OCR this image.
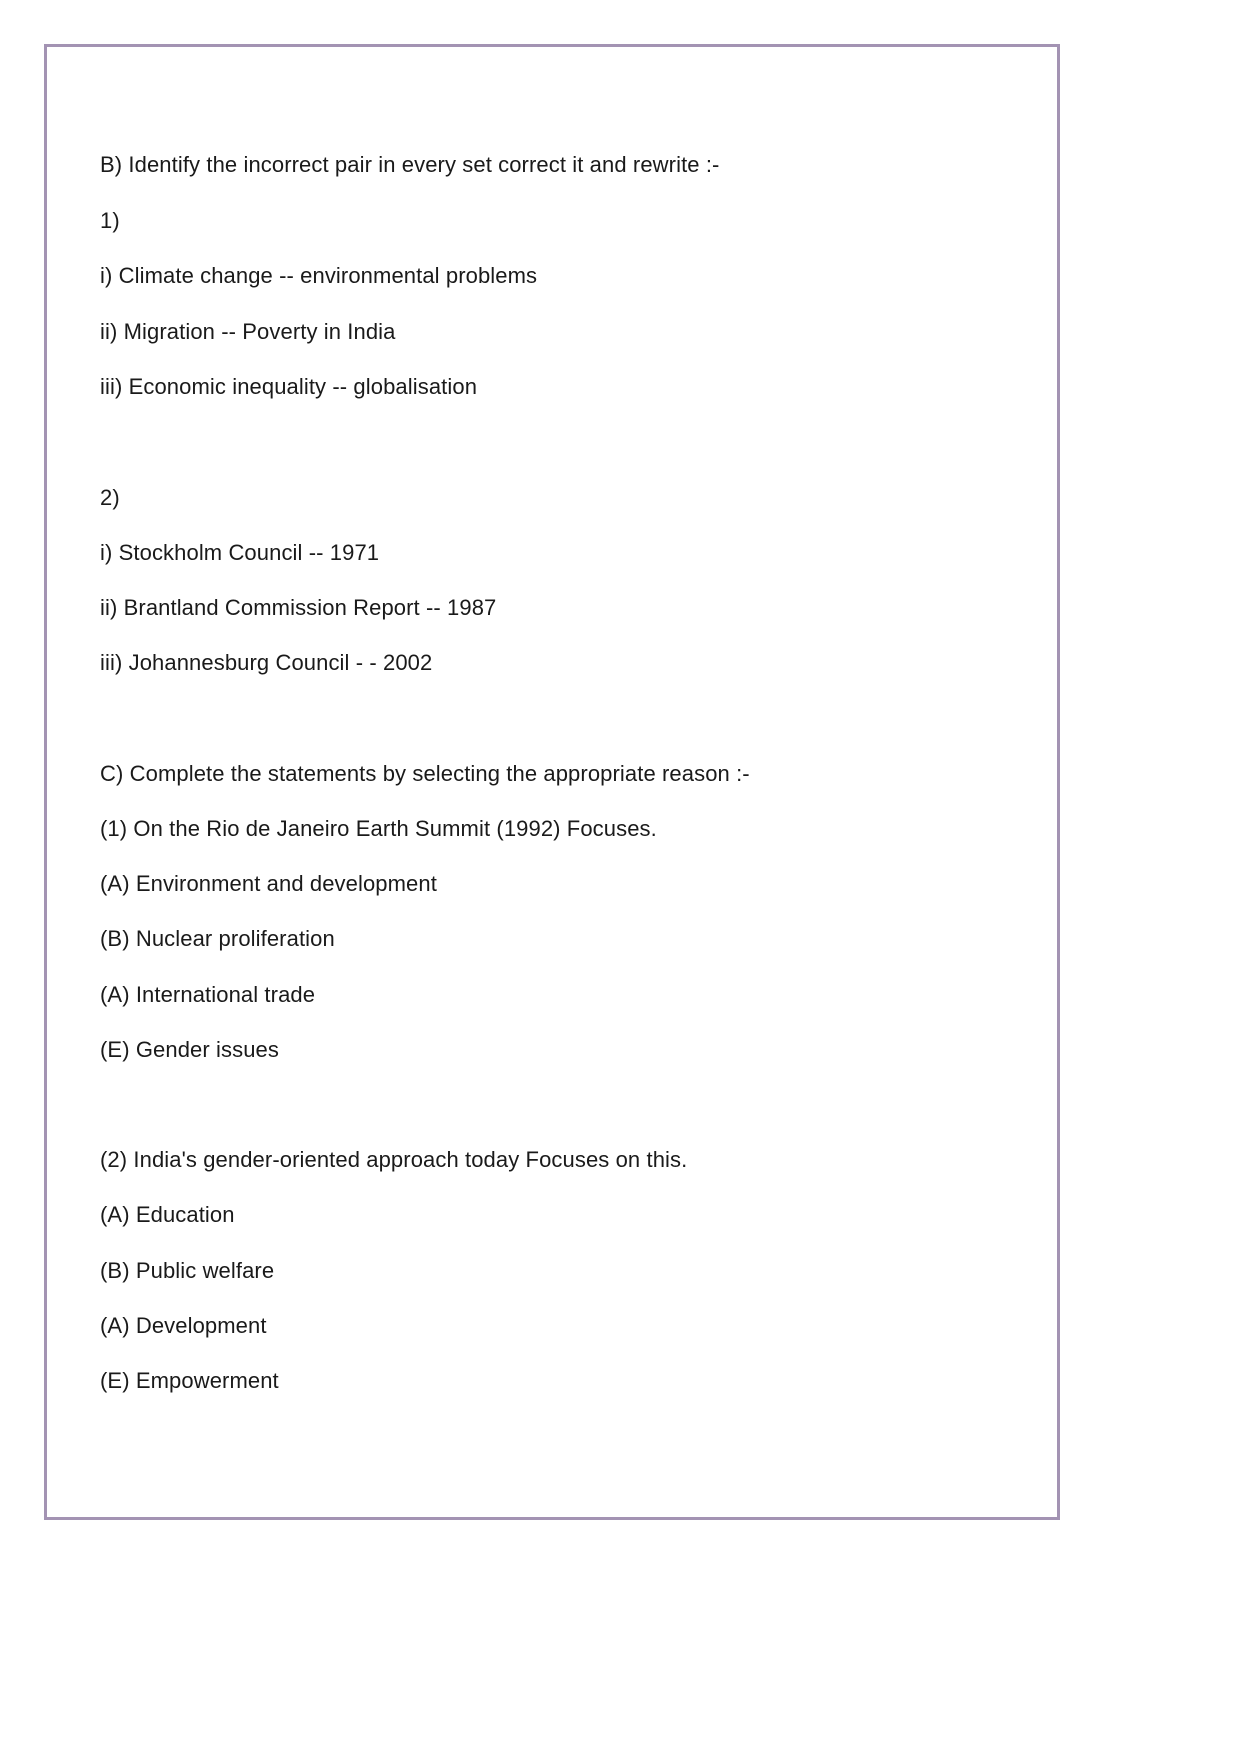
B) Identify the incorrect pair in every set correct it and rewrite :-
1)
i) Climate change -- environmental problems
ii) Migration -- Poverty in India
iii) Economic inequality -- globalisation
2)
i) Stockholm Council -- 1971
ii) Brantland Commission Report -- 1987
iii) Johannesburg Council - - 2002
C) Complete the statements by selecting the appropriate reason :-
(1) On the Rio de Janeiro Earth Summit (1992) Focuses.
(A) Environment and development
(B) Nuclear proliferation
(A) International trade
(E) Gender issues
(2) India's gender-oriented approach today Focuses on this.
(A) Education
(B) Public welfare
(A) Development
(E) Empowerment
